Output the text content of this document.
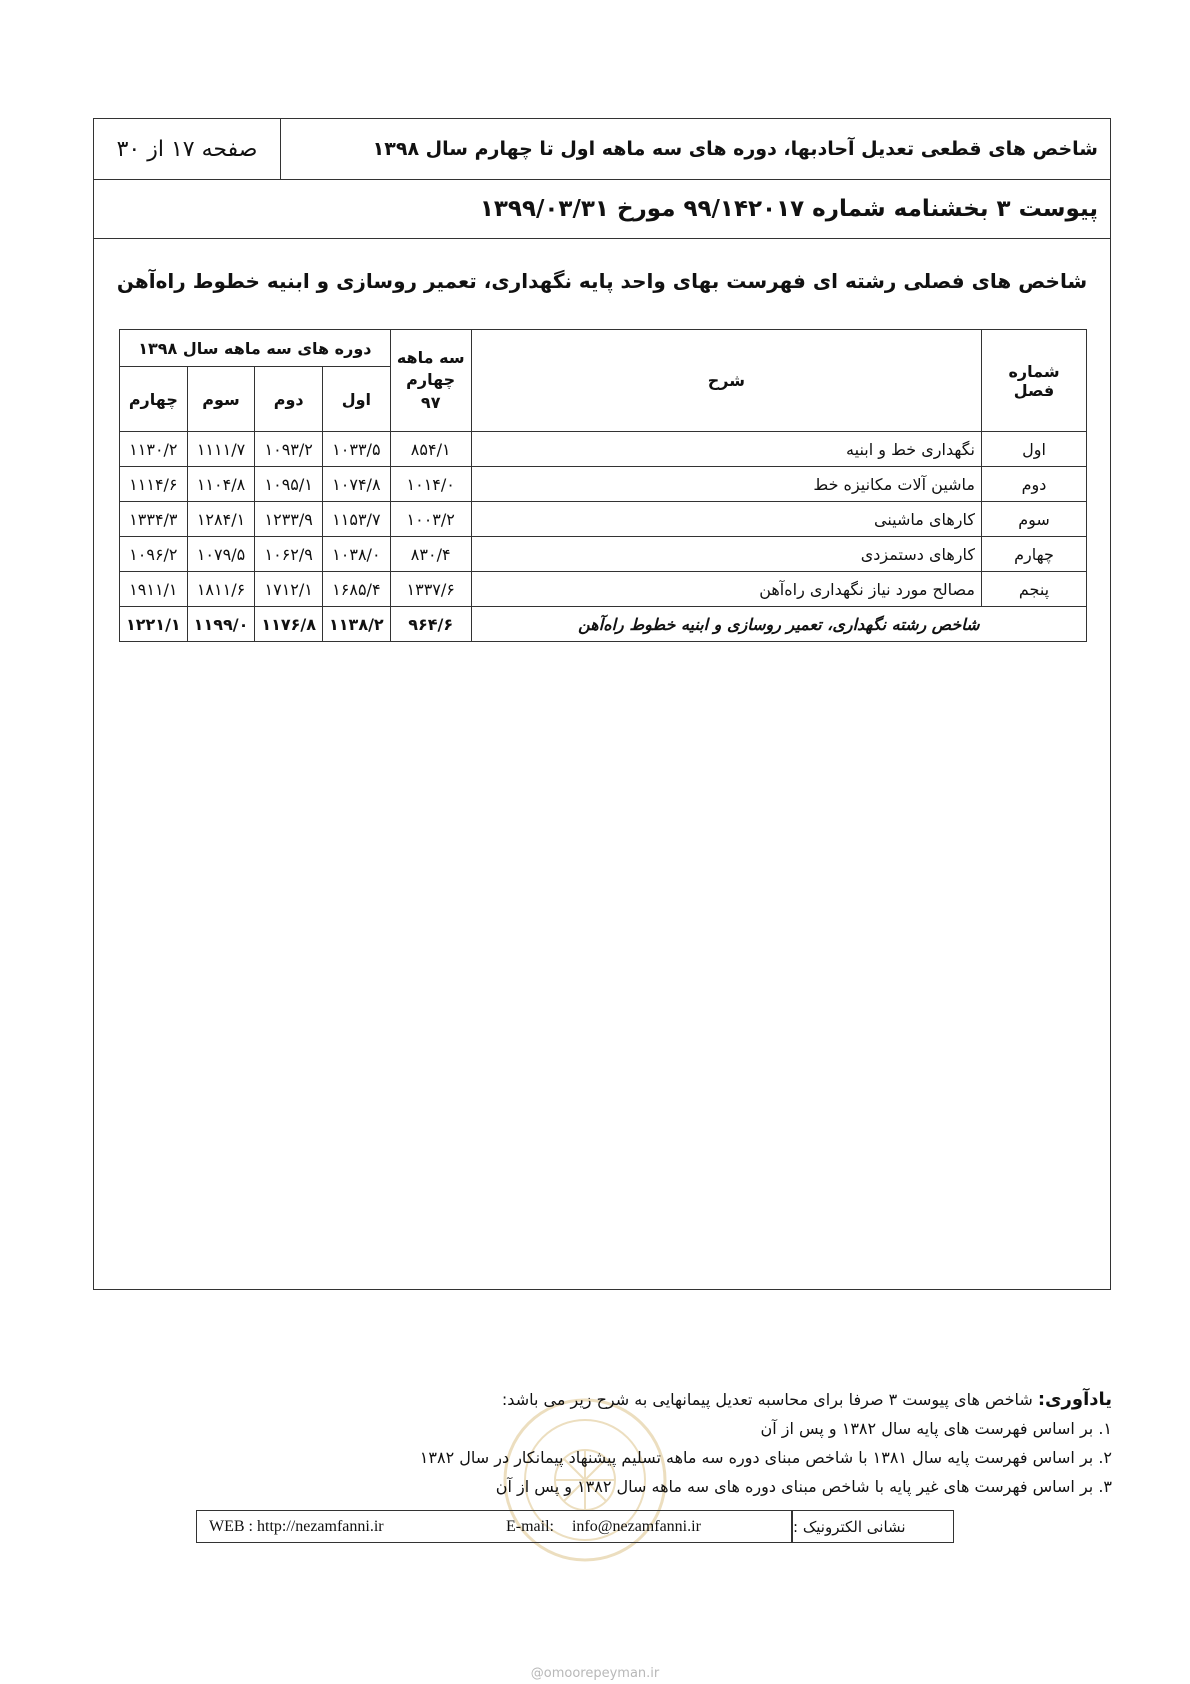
صفحه ۱۷ از ۳۰	شاخص های قطعی تعدیل آحادبها، دوره های سه ماهه اول تا چهارم سال ۱۳۹۸
پیوست ۳ بخشنامه شماره ۹۹/۱۴۲۰۱۷ مورخ ۱۳۹۹/۰۳/۳۱
شاخص های فصلی رشته ای فهرست بهای واحد پایه نگهداری، تعمیر روسازی و ابنیه خطوط راه‌آهن
شماره فصل	شرح	سه ماهه چهارم ۹۷	دوره های سه ماهه سال ۱۳۹۸			
			اول	دوم	سوم	چهارم
اول	نگهداری خط و ابنیه	۸۵۴/۱	۱۰۳۳/۵	۱۰۹۳/۲	۱۱۱۱/۷	۱۱۳۰/۲
دوم	ماشین آلات مکانیزه خط	۱۰۱۴/۰	۱۰۷۴/۸	۱۰۹۵/۱	۱۱۰۴/۸	۱۱۱۴/۶
سوم	کارهای ماشینی	۱۰۰۳/۲	۱۱۵۳/۷	۱۲۳۳/۹	۱۲۸۴/۱	۱۳۳۴/۳
چهارم	کارهای دستمزدی	۸۳۰/۴	۱۰۳۸/۰	۱۰۶۲/۹	۱۰۷۹/۵	۱۰۹۶/۲
پنجم	مصالح مورد نیاز نگهداری راه‌آهن	۱۳۳۷/۶	۱۶۸۵/۴	۱۷۱۲/۱	۱۸۱۱/۶	۱۹۱۱/۱
شاخص رشته نگهداری، تعمیر روسازی و ابنیه خطوط راه‌آهن		۹۶۴/۶	۱۱۳۸/۲	۱۱۷۶/۸	۱۱۹۹/۰	۱۲۲۱/۱
یادآوری: شاخص های پیوست ۳ صرفا برای محاسبه تعدیل پیمانهایی به شرح زیر می باشد:
۱. بر اساس فهرست های پایه سال ۱۳۸۲ و پس از آن
۲. بر اساس فهرست پایه سال ۱۳۸۱ با شاخص مبنای دوره سه ماهه تسلیم پیشنهاد پیمانکار در سال ۱۳۸۲
۳. بر اساس فهرست های غیر پایه با شاخص مبنای دوره های سه ماهه سال ۱۳۸۲ و پس از آن
WEB : http://nezamfanni.ir	E-mail: info@nezamfanni.ir	نشانی الکترونیک :
@omoorepeyman.ir
